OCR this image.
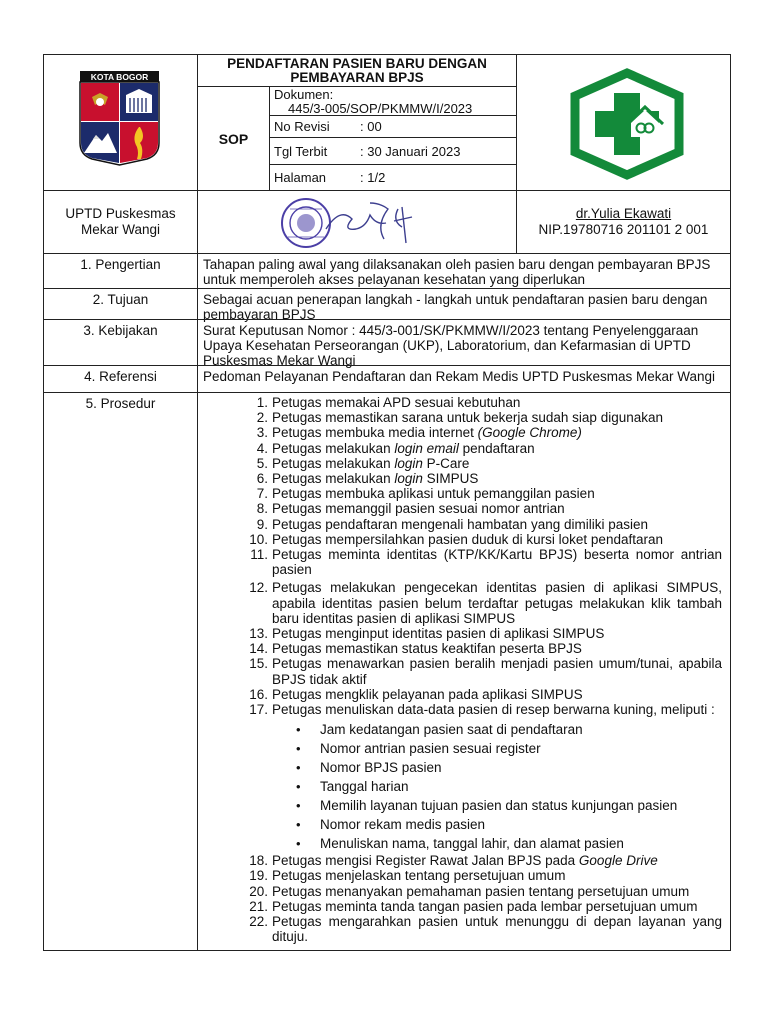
KOTA BOGOR
PENDAFTARAN PASIEN BARU DENGAN PEMBAYARAN BPJS
SOP
Dokumen:
445/3-005/SOP/PKMMW/I/2023
No Revisi	: 00
Tgl Terbit	: 30 Januari 2023
Halaman	: 1/2
UPTD Puskesmas
Mekar Wangi
dr.Yulia Ekawati
NIP.19780716 201101 2 001
1. Pengertian	Tahapan paling awal yang dilaksanakan oleh pasien baru dengan pembayaran BPJS untuk memperoleh akses pelayanan kesehatan yang diperlukan
2. Tujuan	Sebagai acuan penerapan langkah - langkah untuk pendaftaran pasien baru dengan pembayaran BPJS
3. Kebijakan	Surat Keputusan Nomor : 445/3-001/SK/PKMMW/I/2023 tentang Penyelenggaraan Upaya Kesehatan Perseorangan (UKP), Laboratorium, dan Kefarmasian di UPTD Puskesmas Mekar Wangi
4. Referensi	Pedoman Pelayanan Pendaftaran dan Rekam Medis UPTD Puskesmas Mekar Wangi
5. Prosedur	1. Petugas memakai APD sesuai kebutuhan
2. Petugas memastikan sarana untuk bekerja sudah siap digunakan
3. Petugas membuka media internet (Google Chrome)
4. Petugas melakukan login email pendaftaran
5. Petugas melakukan login P-Care
6. Petugas melakukan login SIMPUS
7. Petugas membuka aplikasi untuk pemanggilan pasien
8. Petugas memanggil pasien sesuai nomor antrian
9. Petugas pendaftaran mengenali hambatan yang dimiliki pasien
10. Petugas mempersilahkan pasien duduk di kursi loket pendaftaran
11. Petugas meminta identitas (KTP/KK/Kartu BPJS) beserta nomor antrian pasien
12. Petugas melakukan pengecekan identitas pasien di aplikasi SIMPUS, apabila identitas pasien belum terdaftar petugas melakukan klik tambah baru identitas pasien di aplikasi SIMPUS
13. Petugas menginput identitas pasien di aplikasi SIMPUS
14. Petugas memastikan status keaktifan peserta BPJS
15. Petugas menawarkan pasien beralih menjadi pasien umum/tunai, apabila BPJS tidak aktif
16. Petugas mengklik pelayanan pada aplikasi SIMPUS
17. Petugas menuliskan data-data pasien di resep berwarna kuning, meliputi :
• Jam kedatangan pasien saat di pendaftaran
• Nomor antrian pasien sesuai register
• Nomor BPJS pasien
• Tanggal harian
• Memilih layanan tujuan pasien dan status kunjungan pasien
• Nomor rekam medis pasien
• Menuliskan nama, tanggal lahir, dan alamat pasien
18. Petugas mengisi Register Rawat Jalan BPJS pada Google Drive
19. Petugas menjelaskan tentang persetujuan umum
20. Petugas menanyakan pemahaman pasien tentang persetujuan umum
21. Petugas meminta tanda tangan pasien pada lembar persetujuan umum
22. Petugas mengarahkan pasien untuk menunggu di depan layanan yang dituju.
